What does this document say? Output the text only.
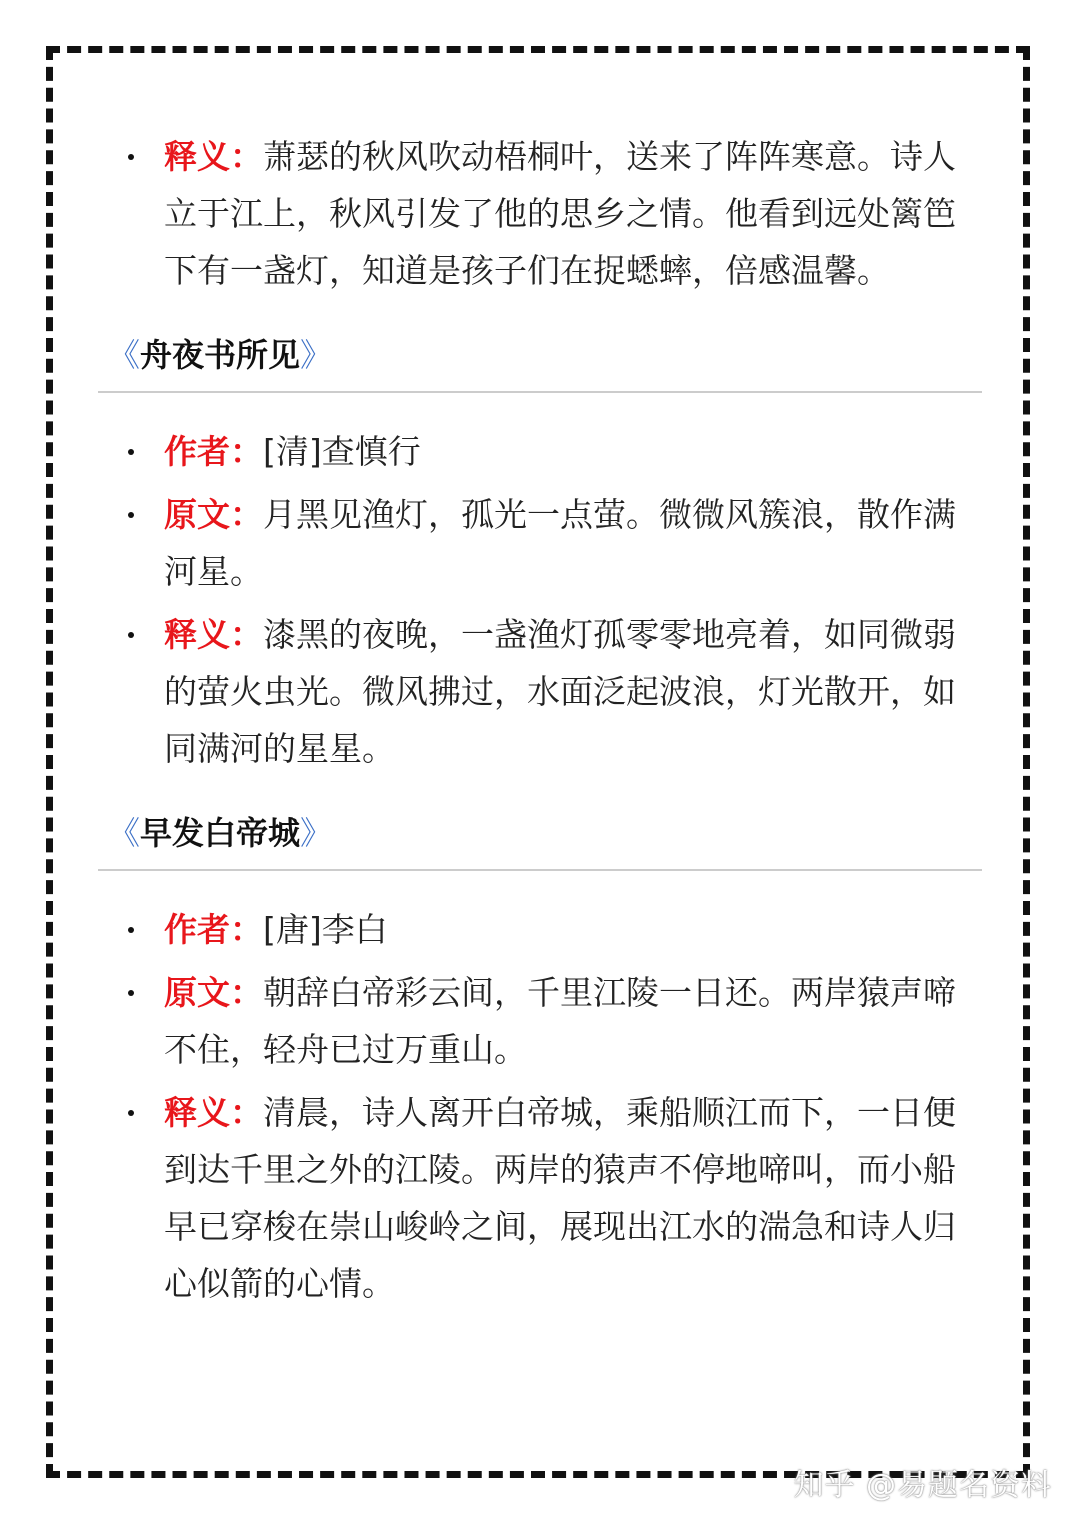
释义：萧瑟的秋风吹动梧桐叶，送来了阵阵寒意。诗人立于江上，秋风引发了他的思乡之情。他看到远处篱笆下有一盏灯，知道是孩子们在捉蟋蟀，倍感温馨。
《舟夜书所见》
作者：[清]查慎行
原文：月黑见渔灯，孤光一点萤。微微风簇浪，散作满河星。
释义：漆黑的夜晚，一盏渔灯孤零零地亮着，如同微弱的萤火虫光。微风拂过，水面泛起波浪，灯光散开，如同满河的星星。
《早发白帝城》
作者：[唐]李白
原文：朝辞白帝彩云间，千里江陵一日还。两岸猿声啼不住，轻舟已过万重山。
释义：清晨，诗人离开白帝城，乘船顺江而下，一日便到达千里之外的江陵。两岸的猿声不停地啼叫，而小船早已穿梭在崇山峻岭之间，展现出江水的湍急和诗人归心似箭的心情。
知乎 @易题名资料
